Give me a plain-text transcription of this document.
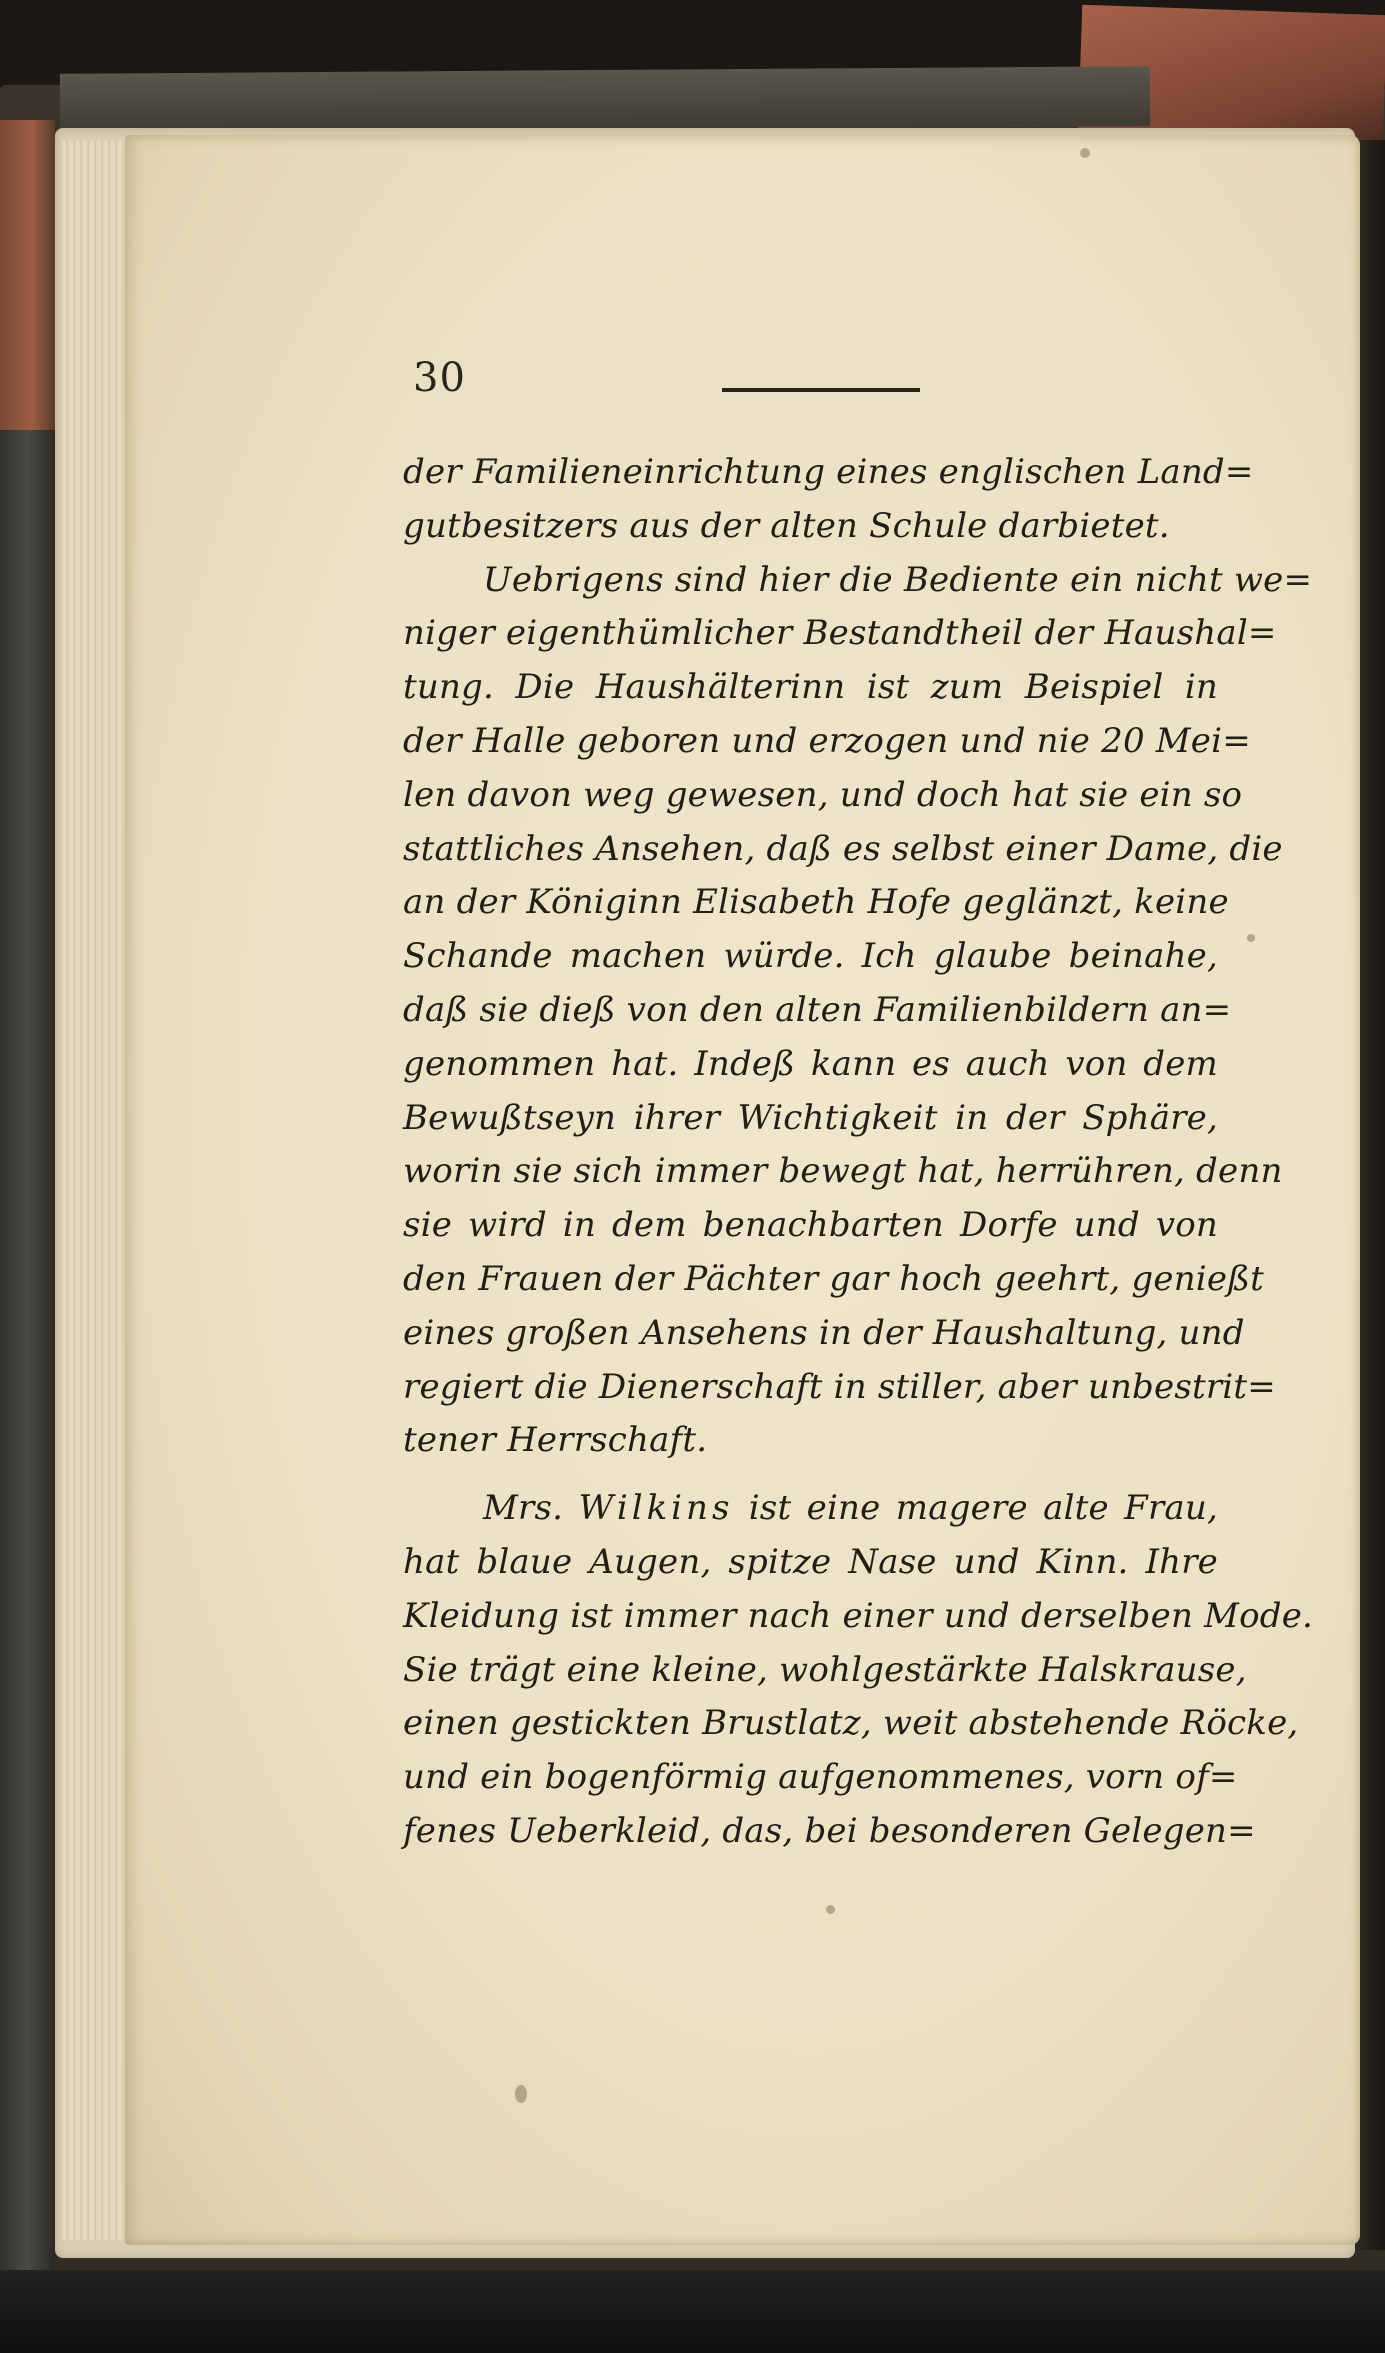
30
der Familieneinrichtung eines englischen Land=
gutbesitzers aus der alten Schule darbietet.
Uebrigens sind hier die Bediente ein nicht we=
niger eigenthümlicher Bestandtheil der Haushal=
tung. Die Haushälterinn ist zum Beispiel in
der Halle geboren und erzogen und nie 20 Mei=
len davon weg gewesen, und doch hat sie ein so
stattliches Ansehen, daß es selbst einer Dame, die
an der Königinn Elisabeth Hofe geglänzt, keine
Schande machen würde. Ich glaube beinahe,
daß sie dieß von den alten Familienbildern an=
genommen hat. Indeß kann es auch von dem
Bewußtseyn ihrer Wichtigkeit in der Sphäre,
worin sie sich immer bewegt hat, herrühren, denn
sie wird in dem benachbarten Dorfe und von
den Frauen der Pächter gar hoch geehrt, genießt
eines großen Ansehens in der Haushaltung, und
regiert die Dienerschaft in stiller, aber unbestrit=
tener Herrschaft.
Mrs. Wilkins ist eine magere alte Frau,
hat blaue Augen, spitze Nase und Kinn. Ihre
Kleidung ist immer nach einer und derselben Mode.
Sie trägt eine kleine, wohlgestärkte Halskrause,
einen gestickten Brustlatz, weit abstehende Röcke,
und ein bogenförmig aufgenommenes, vorn of=
fenes Ueberkleid, das, bei besonderen Gelegen=
